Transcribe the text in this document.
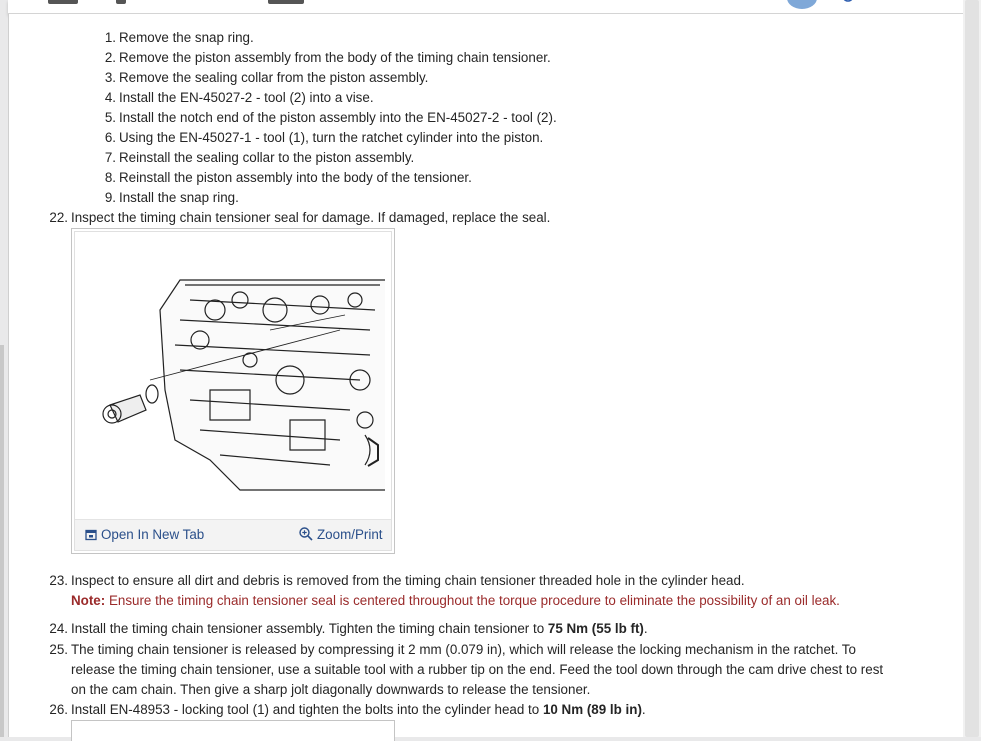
1. Remove the snap ring.
2. Remove the piston assembly from the body of the timing chain tensioner.
3. Remove the sealing collar from the piston assembly.
4. Install the EN-45027-2 - tool (2) into a vise.
5. Install the notch end of the piston assembly into the EN-45027-2 - tool (2).
6. Using the EN-45027-1 - tool (1), turn the ratchet cylinder into the piston.
7. Reinstall the sealing collar to the piston assembly.
8. Reinstall the piston assembly into the body of the tensioner.
9. Install the snap ring.
22. Inspect the timing chain tensioner seal for damage. If damaged, replace the seal.
Open In New Tab	Zoom/Print
23. Inspect to ensure all dirt and debris is removed from the timing chain tensioner threaded hole in the cylinder head.
Note: Ensure the timing chain tensioner seal is centered throughout the torque procedure to eliminate the possibility of an oil leak.
24. Install the timing chain tensioner assembly. Tighten the timing chain tensioner to 75 Nm (55 lb ft).
25. The timing chain tensioner is released by compressing it 2 mm (0.079 in), which will release the locking mechanism in the ratchet. To
release the timing chain tensioner, use a suitable tool with a rubber tip on the end. Feed the tool down through the cam drive chest to rest
on the cam chain. Then give a sharp jolt diagonally downwards to release the tensioner.
26. Install EN-48953 - locking tool (1) and tighten the bolts into the cylinder head to 10 Nm (89 lb in).
